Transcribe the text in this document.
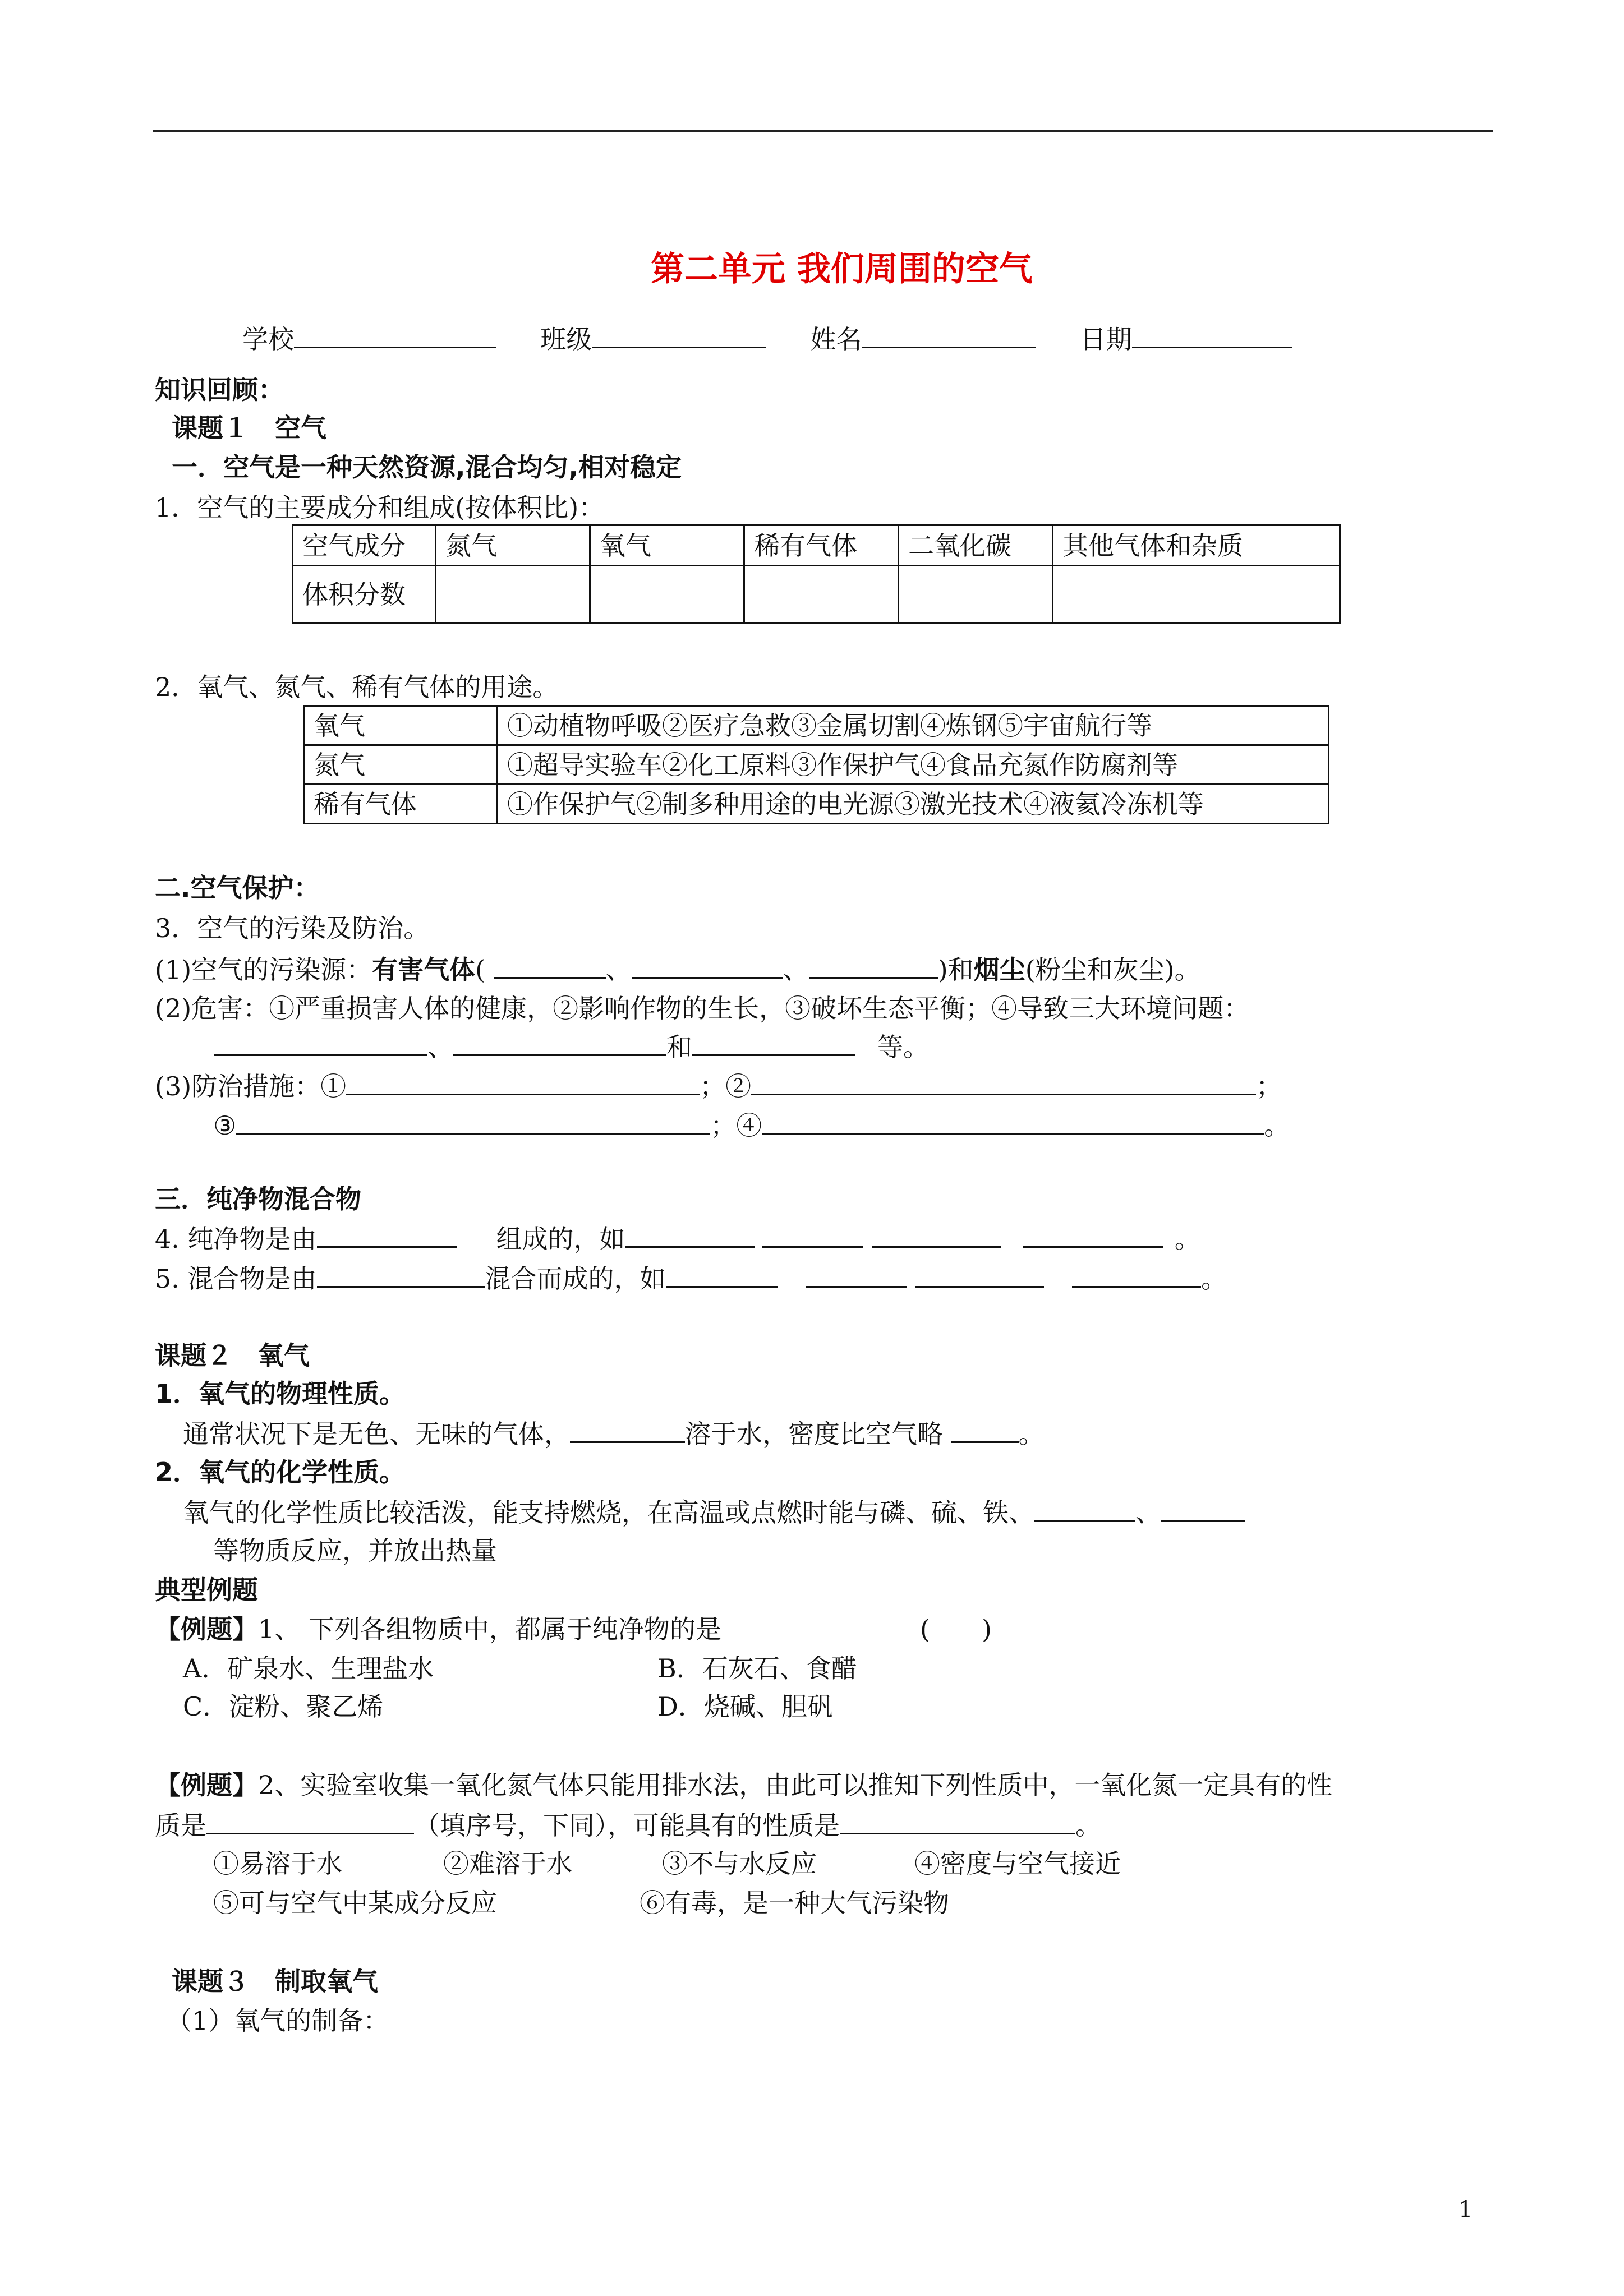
第二单元 我们周围的空气
学校	班级	姓名	日期
知识回顾：
课题１　空气
一．空气是一种天然资源,混合均匀,相对稳定
1．空气的主要成分和组成(按体积比)：
空气成分	氮气	氧气	稀有气体	二氧化碳	其他气体和杂质
体积分数					
2．氧气、氮气、稀有气体的用途。
氧气	①动植物呼吸②医疗急救③金属切割④炼钢⑤宇宙航行等
氮气	①超导实验车②化工原料③作保护气④食品充氮作防腐剂等
稀有气体	①作保护气②制多种用途的电光源③激光技术④液氦冷冻机等
二.空气保护：
3．空气的污染及防治。
(1)空气的污染源：有害气体(	、	、	)和烟尘(粉尘和灰尘)。
(2)危害：①严重损害人体的健康，②影响作物的生长，③破坏生态平衡；④导致三大环境问题：
、	和	等。
(3)防治措施：①	；②	；
③	；④	。
三．纯净物混合物
4. 纯净物是由	组成的，如	。
5. 混合物是由	混合而成的，如	。
课题２　氧气
1．氧气的物理性质。
通常状况下是无色、无味的气体，	溶于水，密度比空气略	。
2．氧气的化学性质。
氧气的化学性质比较活泼，能支持燃烧，在高温或点燃时能与磷、硫、铁、	、
等物质反应，并放出热量
典型例题
【例题】1、 下列各组物质中，都属于纯净物的是	(　　)
A．矿泉水、生理盐水	B．石灰石、食醋
C．淀粉、聚乙烯	D．烧碱、胆矾
【例题】2、实验室收集一氧化氮气体只能用排水法，由此可以推知下列性质中，一氧化氮一定具有的性
质是	（填序号，下同），可能具有的性质是	。
①易溶于水	②难溶于水	③不与水反应	④密度与空气接近
⑤可与空气中某成分反应	⑥有毒，是一种大气污染物
课题３　制取氧气
（1）氧气的制备：
1
